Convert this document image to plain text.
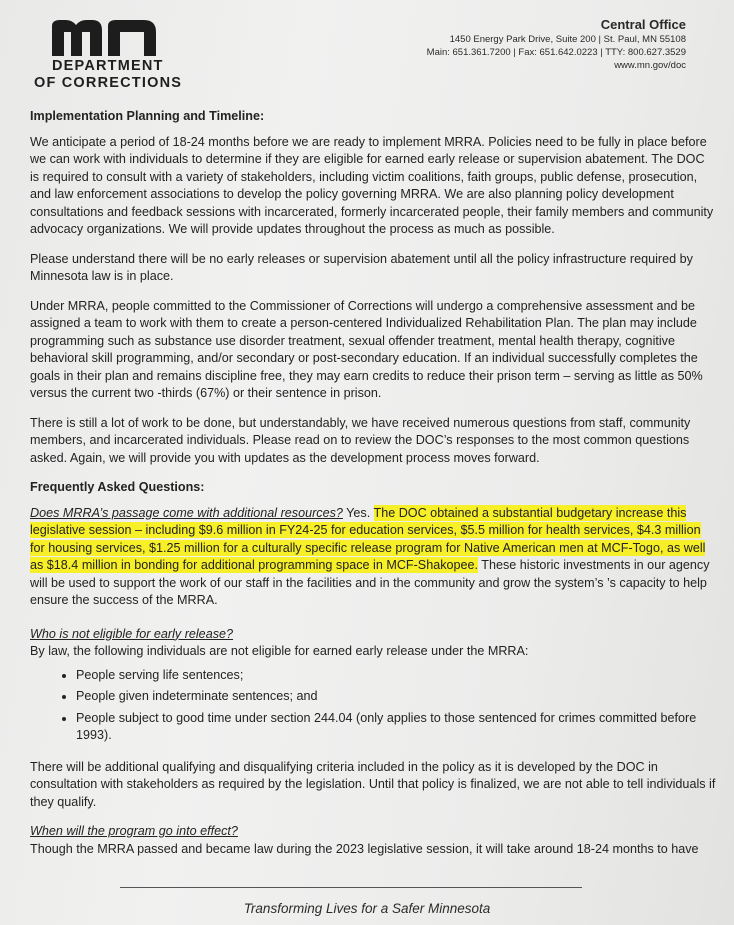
DEPARTMENT
OF CORRECTIONS
Central Office
1450 Energy Park Drive, Suite 200 | St. Paul, MN 55108
Main: 651.361.7200 | Fax: 651.642.0223 | TTY: 800.627.3529
www.mn.gov/doc
Implementation Planning and Timeline:

We anticipate a period of 18-24 months before we are ready to implement MRRA. Policies need to be fully in place before we can work with individuals to determine if they are eligible for earned early release or supervision abatement. The DOC is required to consult with a variety of stakeholders, including victim coalitions, faith groups, public defense, prosecution, and law enforcement associations to develop the policy governing MRRA. We are also planning policy development consultations and feedback sessions with incarcerated, formerly incarcerated people, their family members and community advocacy organizations. We will provide updates throughout the process as much as possible.

Please understand there will be no early releases or supervision abatement until all the policy infrastructure required by Minnesota law is in place.

Under MRRA, people committed to the Commissioner of Corrections will undergo a comprehensive assessment and be assigned a team to work with them to create a person-centered Individualized Rehabilitation Plan. The plan may include programming such as substance use disorder treatment, sexual offender treatment, mental health therapy, cognitive behavioral skill programming, and/or secondary or post-secondary education. If an individual successfully completes the goals in their plan and remains discipline free, they may earn credits to reduce their prison term – serving as little as 50% versus the current two -thirds (67%) or their sentence in prison.

There is still a lot of work to be done, but understandably, we have received numerous questions from staff, community members, and incarcerated individuals. Please read on to review the DOC’s responses to the most common questions asked. Again, we will provide you with updates as the development process moves forward.

Frequently Asked Questions:

Does MRRA’s passage come with additional resources? Yes. The DOC obtained a substantial budgetary increase this legislative session – including $9.6 million in FY24-25 for education services, $5.5 million for health services, $4.3 million for housing services, $1.25 million for a culturally specific release program for Native American men at MCF-Togo, as well as $18.4 million in bonding for additional programming space in MCF-Shakopee. These historic investments in our agency will be used to support the work of our staff in the facilities and in the community and grow the system’s ’s capacity to help ensure the success of the MRRA.

Who is not eligible for early release?
By law, the following individuals are not eligible for earned early release under the MRRA:
• People serving life sentences;
• People given indeterminate sentences; and
• People subject to good time under section 244.04 (only applies to those sentenced for crimes committed before 1993).

There will be additional qualifying and disqualifying criteria included in the policy as it is developed by the DOC in consultation with stakeholders as required by the legislation. Until that policy is finalized, we are not able to tell individuals if they qualify.

When will the program go into effect?
Though the MRRA passed and became law during the 2023 legislative session, it will take around 18-24 months to have
Transforming Lives for a Safer Minnesota
